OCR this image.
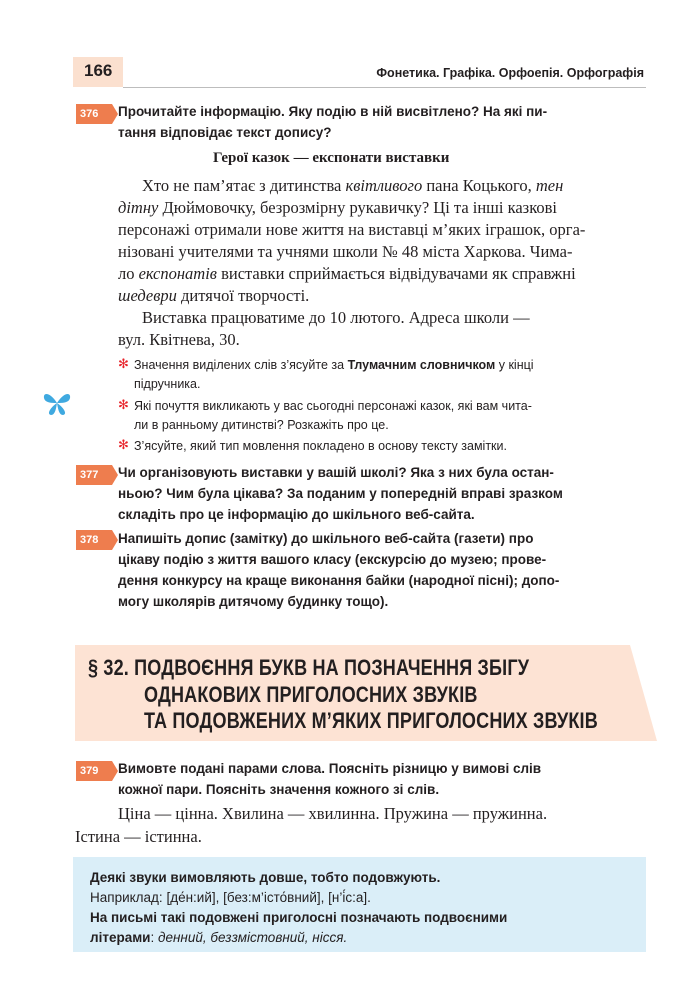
166	Фонетика. Графіка. Орфоепія. Орфографія
376	Прочитайте інформацію. Яку подію в ній висвітлено? На які пи-
тання відповідає текст допису?
Герої казок — експонати виставки
Хто не пам’ятає з дитинства квітливого пана Коцького, тен
дітну Дюймовочку, безрозмірну рукавичку? Ці та інші казкові
персонажі отримали нове життя на виставці м’яких іграшок, орга-
нізовані учителями та учнями школи № 48 міста Харкова. Чима-
ло експонатів виставки сприймається відвідувачами як справжні
шедеври дитячої творчості.
Виставка працюватиме до 10 лютого. Адреса школи —
вул. Квітнева, 30.
✻ Значення виділених слів з’ясуйте за Тлумачним словничком у кінці
підручника.
✻ Які почуття викликають у вас сьогодні персонажі казок, які вам чита-
ли в ранньому дитинстві? Розкажіть про це.
✻ З’ясуйте, який тип мовлення покладено в основу тексту замітки.
377	Чи організовують виставки у вашій школі? Яка з них була остан-
ньою? Чим була цікава? За поданим у попередній вправі зразком
складіть про це інформацію до шкільного веб-сайта.
378	Напишіть допис (замітку) до шкільного веб-сайта (газети) про
цікаву подію з життя вашого класу (екскурсію до музею; прове-
дення конкурсу на краще виконання байки (народної пісні); допо-
могу школярів дитячому будинку тощо).
§ 32. ПОДВОЄННЯ БУКВ НА ПОЗНАЧЕННЯ ЗБІГУ
ОДНАКОВИХ ПРИГОЛОСНИХ ЗВУКІВ
ТА ПОДОВЖЕНИХ М’ЯКИХ ПРИГОЛОСНИХ ЗВУКІВ
379	Вимовте подані парами слова. Поясніть різницю у вимові слів
кожної пари. Поясніть значення кожного зі слів.
Ціна — цінна. Хвилина — хвилинна. Пружина — пружинна.
Істина — істинна.
Деякі звуки вимовляють довше, тобто подовжують.
Наприклад: [де́н:ий], [без:м’істо́вний], [н’і́с:а].
На письмі такі подовжені приголосні позначають подвоєними
літерами: денний, беззмістовний, нісся.
